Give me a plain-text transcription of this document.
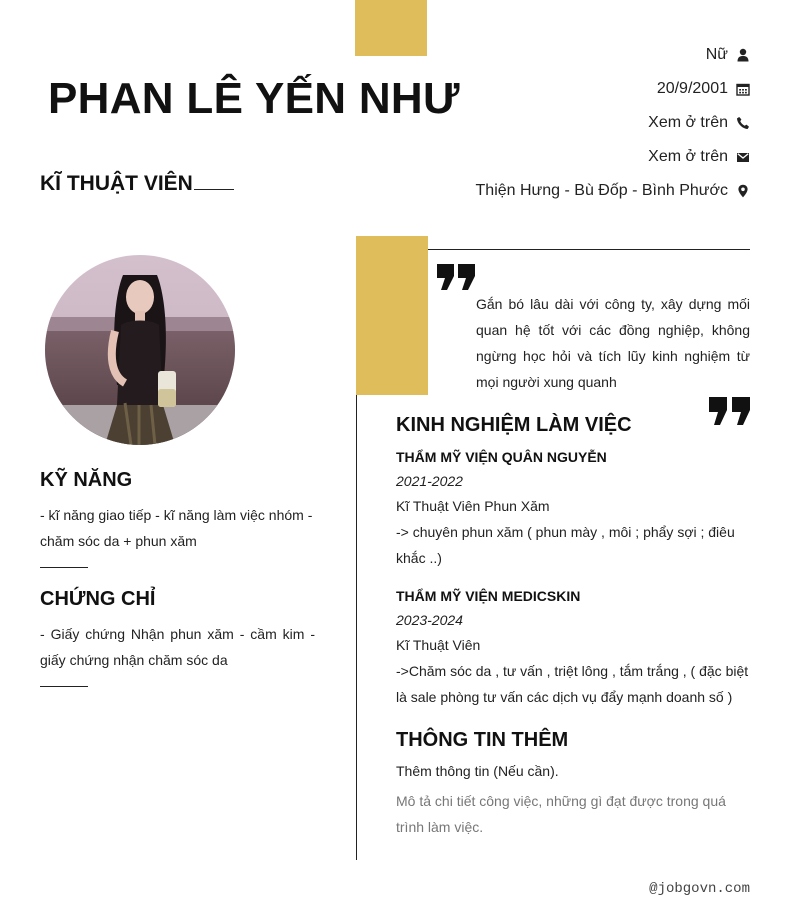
PHAN LÊ YẾN NHƯ
KĨ THUẬT VIÊN
Nữ
20/9/2001
Xem ở trên
Xem ở trên
Thiện Hưng - Bù Đốp - Bình Phước
KỸ NĂNG

- kĩ năng giao tiếp - kĩ năng làm việc nhóm - chăm sóc da + phun xăm

CHỨNG CHỈ

- Giấy chứng Nhận phun xăm - cầm kim - giấy chứng nhận chăm sóc da

Gắn bó lâu dài với công ty, xây dựng mối quan hệ tốt với các đồng nghiệp, không ngừng học hỏi và tích lũy kinh nghiệm từ mọi người xung quanh

KINH NGHIỆM LÀM VIỆC
THẨM MỸ VIỆN QUÂN NGUYỄN
2021-2022
Kĩ Thuật Viên Phun Xăm

-> chuyên phun xăm ( phun mày , môi ; phẩy sợi ; điêu khắc ..)

THẨM MỸ VIỆN MEDICSKIN
2023-2024
Kĩ Thuật Viên

->Chăm sóc da , tư vấn , triệt lông , tắm trắng , ( đặc biệt là sale phòng tư vấn các dịch vụ đẩy mạnh doanh số )

THÔNG TIN THÊM
Thêm thông tin (Nếu cần).

Mô tả chi tiết công việc, những gì đạt được trong quá trình làm việc.

@jobgovn.com
